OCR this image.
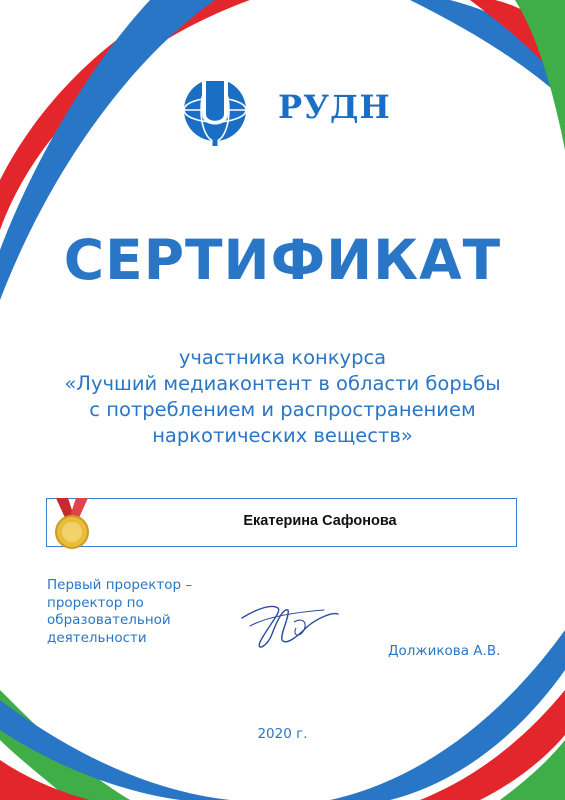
РУДН
СЕРТИФИКАТ
участника конкурса
«Лучший медиаконтент в области борьбы
с потреблением и распространением
наркотических веществ»
Екатерина Сафонова
Первый проректор –
проректор по
образовательной
деятельности
Должикова А.В.
2020 г.
